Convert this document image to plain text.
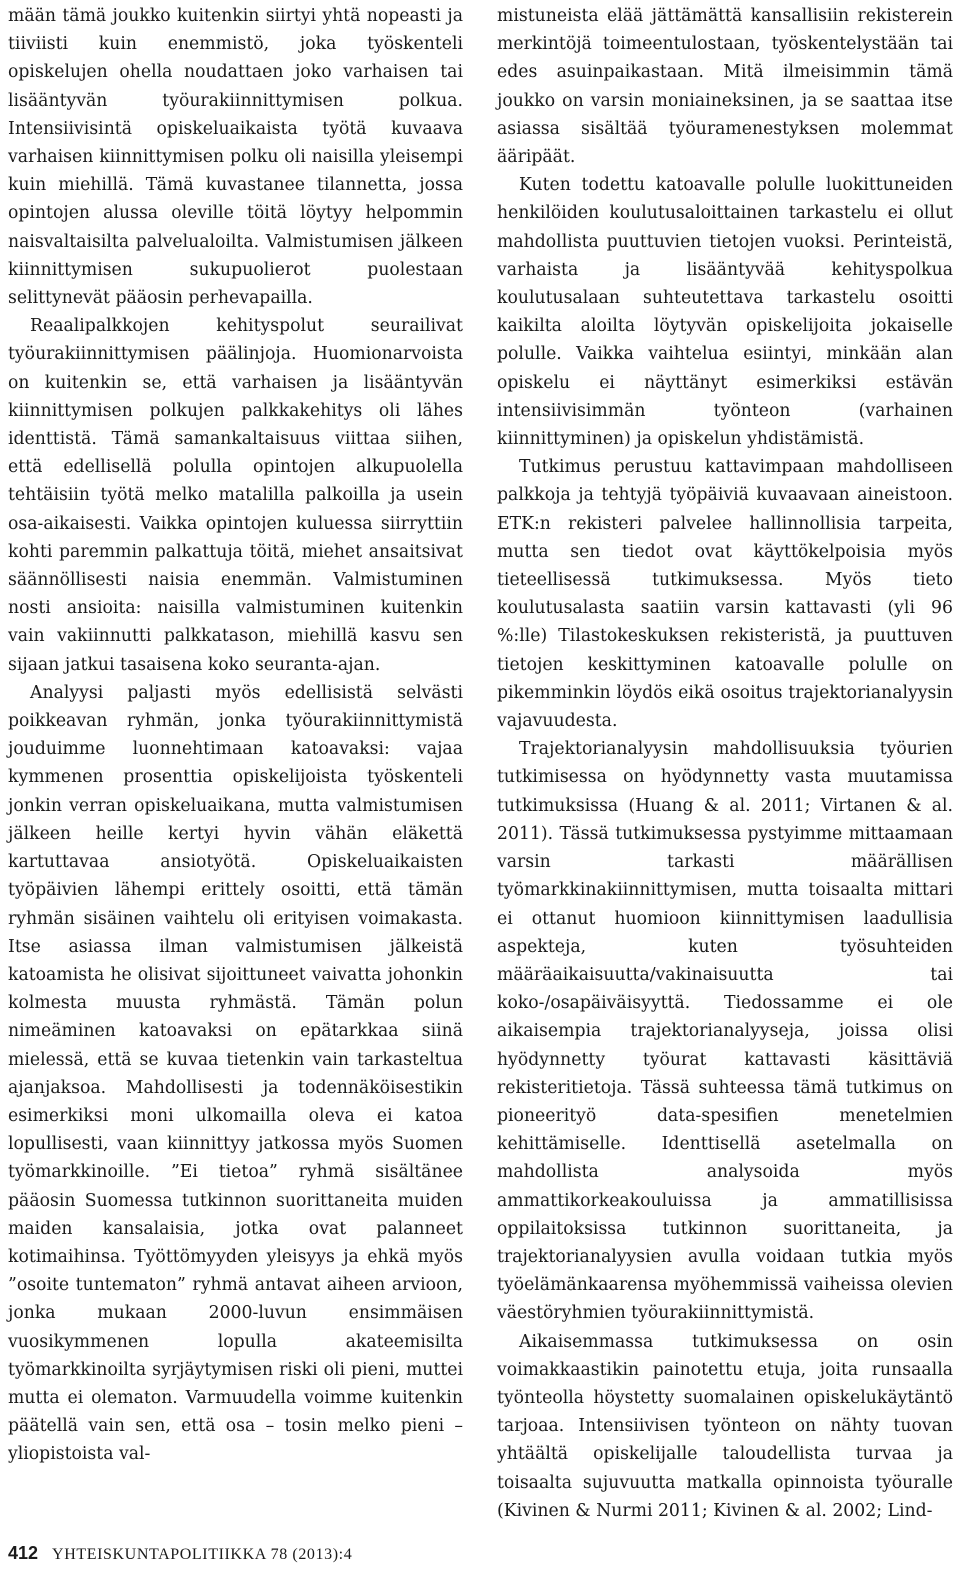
mään tämä joukko kuitenkin siirtyi yhtä nopeasti ja tiiviisti kuin enemmistö, joka työskenteli opiskelujen ohella noudattaen joko varhaisen tai lisääntyvän työurakiinnittymisen polkua. Intensiivisintä opiskeluaikaista työtä kuvaava varhaisen kiinnittymisen polku oli naisilla yleisempi kuin miehillä. Tämä kuvastanee tilannetta, jossa opintojen alussa oleville töitä löytyy helpommin naisvaltaisilta palvelualoilta. Valmistumisen jälkeen kiinnittymisen sukupuolierot puolestaan selittynevät pääosin perhevapailla.

Reaalipalkkojen kehityspolut seurailivat työurakiinnittymisen päälinjoja. Huomionarvoista on kuitenkin se, että varhaisen ja lisääntyvän kiinnittymisen polkujen palkkakehitys oli lähes identtistä. Tämä samankaltaisuus viittaa siihen, että edellisellä polulla opintojen alkupuolella tehtäisiin työtä melko matalilla palkoilla ja usein osa-aikaisesti. Vaikka opintojen kuluessa siirryttiin kohti paremmin palkattuja töitä, miehet ansaitsivat säännöllisesti naisia enemmän. Valmistuminen nosti ansioita: naisilla valmistuminen kuitenkin vain vakiinnutti palkkatason, miehillä kasvu sen sijaan jatkui tasaisena koko seuranta-ajan.

Analyysi paljasti myös edellisistä selvästi poikkeavan ryhmän, jonka työurakiinnittymistä jouduimme luonnehtimaan katoavaksi: vajaa kymmenen prosenttia opiskelijoista työskenteli jonkin verran opiskeluaikana, mutta valmistumisen jälkeen heille kertyi hyvin vähän eläkettä kartuttavaa ansiotyötä. Opiskeluaikaisten työpäivien lähempi erittely osoitti, että tämän ryhmän sisäinen vaihtelu oli erityisen voimakasta. Itse asiassa ilman valmistumisen jälkeistä katoamista he olisivat sijoittuneet vaivatta johonkin kolmesta muusta ryhmästä. Tämän polun nimeäminen katoavaksi on epätarkkaa siinä mielessä, että se kuvaa tietenkin vain tarkasteltua ajanjaksoa. Mahdollisesti ja todennäköisestikin esimerkiksi moni ulkomailla oleva ei katoa lopullisesti, vaan kiinnittyy jatkossa myös Suomen työmarkkinoille. ”Ei tietoa” ryhmä sisältänee pääosin Suomessa tutkinnon suorittaneita muiden maiden kansalaisia, jotka ovat palanneet kotimaihinsa. Työttömyyden yleisyys ja ehkä myös ”osoite tuntematon” ryhmä antavat aiheen arvioon, jonka mukaan 2000-luvun ensimmäisen vuosikymmenen lopulla akateemisilta työmarkkinoilta syrjäytymisen riski oli pieni, muttei mutta ei olematon. Varmuudella voimme kuitenkin päätellä vain sen, että osa – tosin melko pieni – yliopistoista val-

mistuneista elää jättämättä kansallisiin rekisterein merkintöjä toimeentulostaan, työskentelystään tai edes asuinpaikastaan. Mitä ilmeisimmin tämä joukko on varsin moniaineksinen, ja se saattaa itse asiassa sisältää työuramenestyksen molemmat ääripäät.

Kuten todettu katoavalle polulle luokittuneiden henkilöiden koulutusaloittainen tarkastelu ei ollut mahdollista puuttuvien tietojen vuoksi. Perinteistä, varhaista ja lisääntyvää kehityspolkua koulutusalaan suhteutettava tarkastelu osoitti kaikilta aloilta löytyvän opiskelijoita jokaiselle polulle. Vaikka vaihtelua esiintyi, minkään alan opiskelu ei näyttänyt esimerkiksi estävän intensiivisimmän työnteon (varhainen kiinnittyminen) ja opiskelun yhdistämistä.

Tutkimus perustuu kattavimpaan mahdolliseen palkkoja ja tehtyjä työpäiviä kuvaavaan aineistoon. ETK:n rekisteri palvelee hallinnollisia tarpeita, mutta sen tiedot ovat käyttökelpoisia myös tieteellisessä tutkimuksessa. Myös tieto koulutusalasta saatiin varsin kattavasti (yli 96 %:lle) Tilastokeskuksen rekisteristä, ja puuttuven tietojen keskittyminen katoavalle polulle on pikemminkin löydös eikä osoitus trajektorianalyysin vajavuudesta.

Trajektorianalyysin mahdollisuuksia työurien tutkimisessa on hyödynnetty vasta muutamissa tutkimuksissa (Huang & al. 2011; Virtanen & al. 2011). Tässä tutkimuksessa pystyimme mittaamaan varsin tarkasti määrällisen työmarkkinakiinnittymisen, mutta toisaalta mittari ei ottanut huomioon kiinnittymisen laadullisia aspekteja, kuten työsuhteiden määräaikaisuutta/vakinaisuutta tai koko-/osapäiväisyyttä. Tiedossamme ei ole aikaisempia trajektorianalyyseja, joissa olisi hyödynnetty työurat kattavasti käsittäviä rekisteritietoja. Tässä suhteessa tämä tutkimus on pioneerityö data-spesifien menetelmien kehittämiselle. Identtisellä asetelmalla on mahdollista analysoida myös ammattikorkeakouluissa ja ammatillisissa oppilaitoksissa tutkinnon suorittaneita, ja trajektorianalyysien avulla voidaan tutkia myös työelämänkaarensa myöhemmissä vaiheissa olevien väestöryhmien työurakiinnittymistä.

Aikaisemmassa tutkimuksessa on osin voimakkaastikin painotettu etuja, joita runsaalla työnteolla höystetty suomalainen opiskelukäytäntö tarjoaa. Intensiivisen työnteon on nähty tuovan yhtäältä opiskelijalle taloudellista turvaa ja toisaalta sujuvuutta matkalla opinnoista työuralle (Kivinen & Nurmi 2011; Kivinen & al. 2002; Lind-

412 YHTEISKUNTAPOLITIIKKA 78 (2013):4
